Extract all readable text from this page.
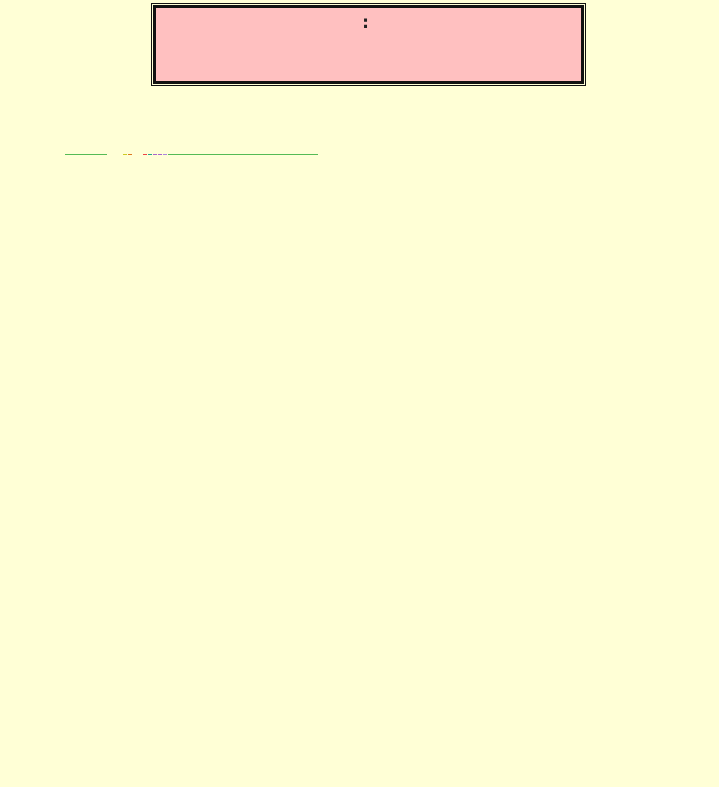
:
